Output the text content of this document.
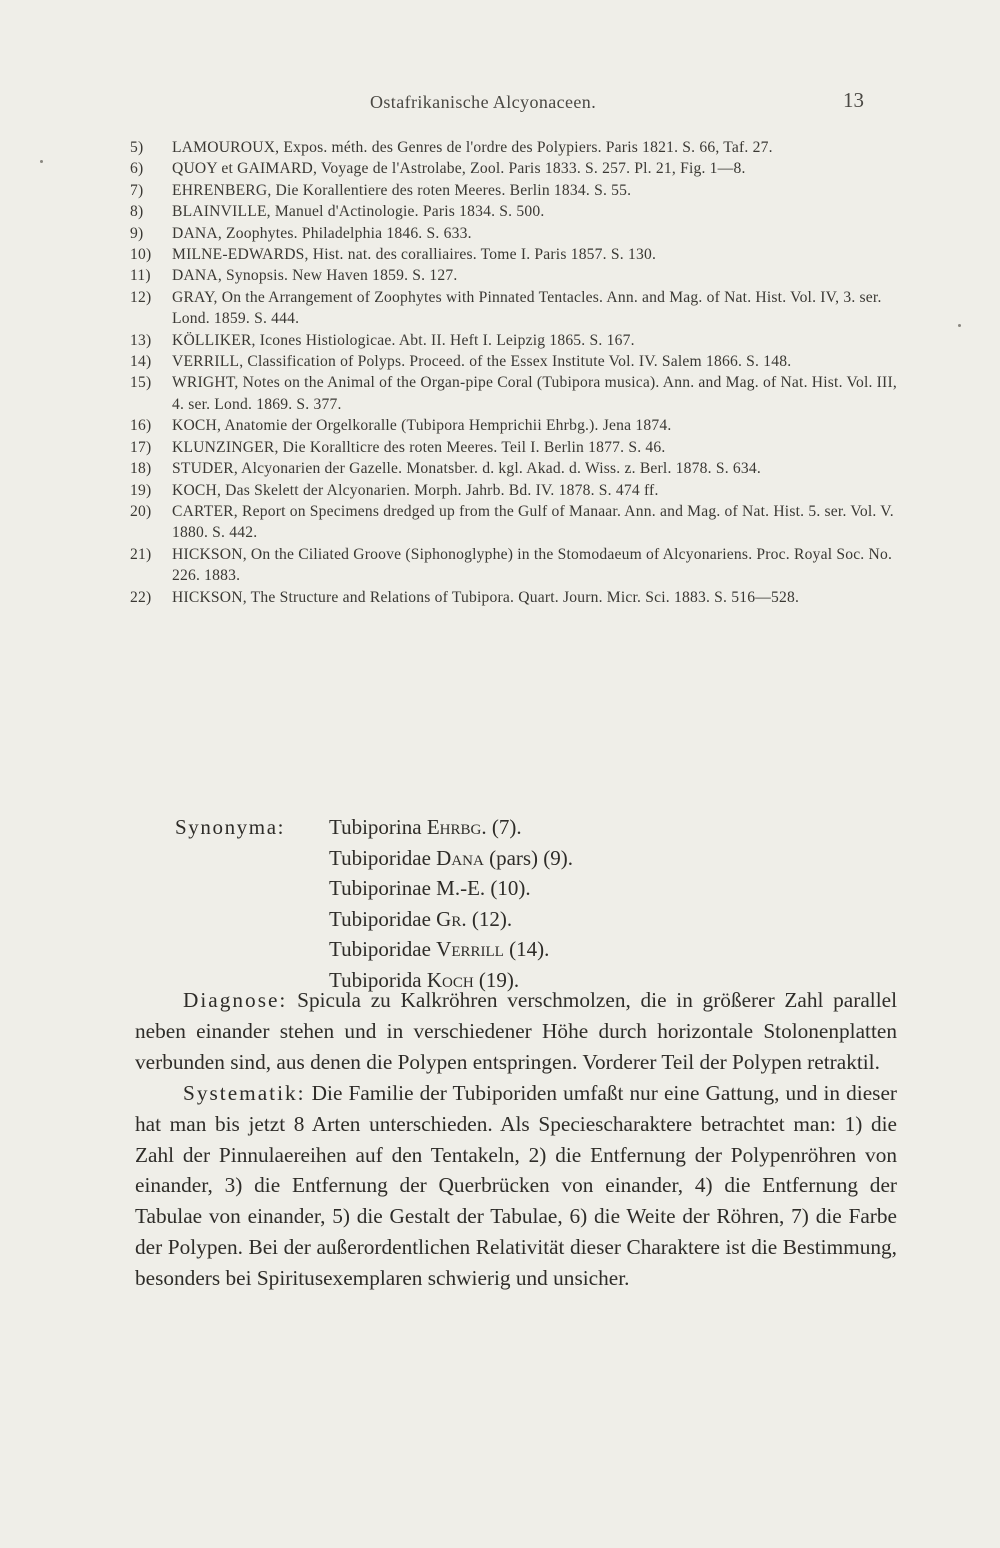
Ostafrikanische Alcyonaceen.	13
5) LAMOUROUX, Expos. méth. des Genres de l'ordre des Polypiers. Paris 1821. S. 66, Taf. 27.
6) QUOY et GAIMARD, Voyage de l'Astrolabe, Zool. Paris 1833. S. 257. Pl. 21, Fig. 1—8.
7) EHRENBERG, Die Korallentiere des roten Meeres. Berlin 1834. S. 55.
8) BLAINVILLE, Manuel d'Actinologie. Paris 1834. S. 500.
9) DANA, Zoophytes. Philadelphia 1846. S. 633.
10) MILNE-EDWARDS, Hist. nat. des coralliaires. Tome I. Paris 1857. S. 130.
11) DANA, Synopsis. New Haven 1859. S. 127.
12) GRAY, On the Arrangement of Zoophytes with Pinnated Tentacles. Ann. and Mag. of Nat. Hist. Vol. IV, 3. ser. Lond. 1859. S. 444.
13) KÖLLIKER, Icones Histiologicae. Abt. II. Heft I. Leipzig 1865. S. 167.
14) VERRILL, Classification of Polyps. Proceed. of the Essex Institute Vol. IV. Salem 1866. S. 148.
15) WRIGHT, Notes on the Animal of the Organ-pipe Coral (Tubipora musica). Ann. and Mag. of Nat. Hist. Vol. III, 4. ser. Lond. 1869. S. 377.
16) KOCH, Anatomie der Orgelkoralle (Tubipora Hemprichii Ehrbg.). Jena 1874.
17) KLUNZINGER, Die Korallticre des roten Meeres. Teil I. Berlin 1877. S. 46.
18) STUDER, Alcyonarien der Gazelle. Monatsber. d. kgl. Akad. d. Wiss. z. Berl. 1878. S. 634.
19) KOCH, Das Skelett der Alcyonarien. Morph. Jahrb. Bd. IV. 1878. S. 474 ff.
20) CARTER, Report on Specimens dredged up from the Gulf of Manaar. Ann. and Mag. of Nat. Hist. 5. ser. Vol. V. 1880. S. 442.
21) HICKSON, On the Ciliated Groove (Siphonoglyphe) in the Stomodaeum of Alcyonariens. Proc. Royal Soc. No. 226. 1883.
22) HICKSON, The Structure and Relations of Tubipora. Quart. Journ. Micr. Sci. 1883. S. 516—528.
Synonyma: Tubiporina Ehrbg. (7).
Tubiporidae Dana (pars) (9).
Tubiporinae M.-E. (10).
Tubiporidae Gr. (12).
Tubiporidae Verrill (14).
Tubiporida Koch (19).

Diagnose: Spicula zu Kalkröhren verschmolzen, die in größerer Zahl parallel neben einander stehen und in verschiedener Höhe durch horizontale Stolonenplatten verbunden sind, aus denen die Polypen entspringen. Vorderer Teil der Polypen retraktil.

Systematik: Die Familie der Tubiporiden umfaßt nur eine Gattung, und in dieser hat man bis jetzt 8 Arten unterschieden. Als Speciescharaktere betrachtet man: 1) die Zahl der Pinnulaereihen auf den Tentakeln, 2) die Entfernung der Polypenröhren von einander, 3) die Entfernung der Querbrücken von einander, 4) die Entfernung der Tabulae von einander, 5) die Gestalt der Tabulae, 6) die Weite der Röhren, 7) die Farbe der Polypen. Bei der außerordentlichen Relativität dieser Charaktere ist die Bestimmung, besonders bei Spiritusexemplaren schwierig und unsicher.
